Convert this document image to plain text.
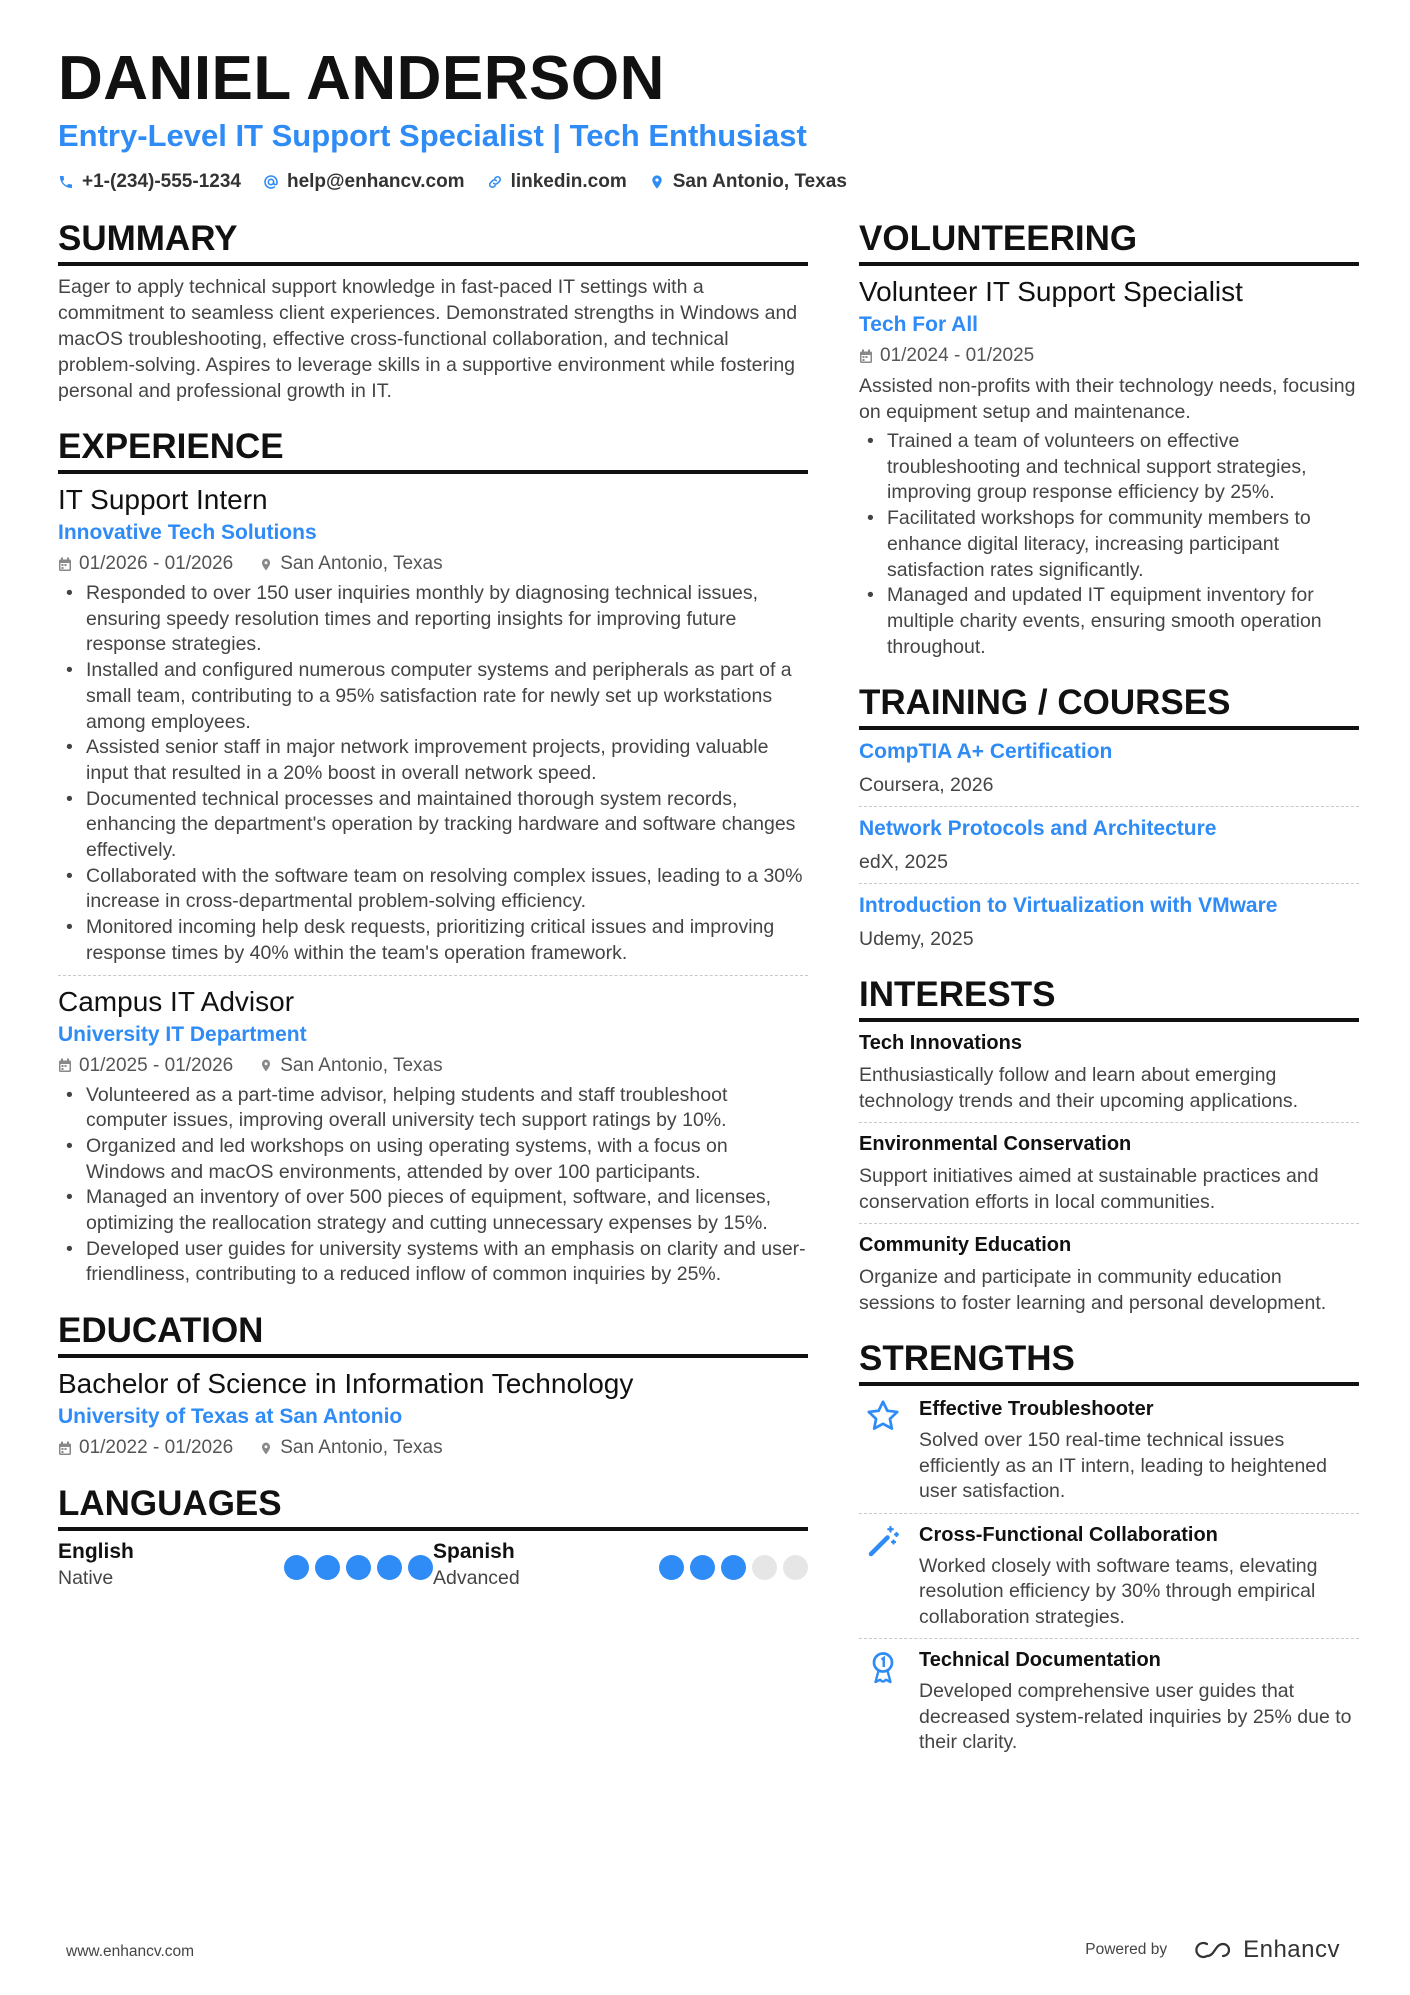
DANIEL ANDERSON
Entry-Level IT Support Specialist | Tech Enthusiast
+1-(234)-555-1234 help@enhancv.com linkedin.com San Antonio, Texas
SUMMARY
Eager to apply technical support knowledge in fast-paced IT settings with a commitment to seamless client experiences. Demonstrated strengths in Windows and macOS troubleshooting, effective cross-functional collaboration, and technical problem-solving. Aspires to leverage skills in a supportive environment while fostering personal and professional growth in IT.
EXPERIENCE
IT Support Intern
Innovative Tech Solutions
01/2026 - 01/2026 San Antonio, Texas
• Responded to over 150 user inquiries monthly by diagnosing technical issues, ensuring speedy resolution times and reporting insights for improving future response strategies.
• Installed and configured numerous computer systems and peripherals as part of a small team, contributing to a 95% satisfaction rate for newly set up workstations among employees.
• Assisted senior staff in major network improvement projects, providing valuable input that resulted in a 20% boost in overall network speed.
• Documented technical processes and maintained thorough system records, enhancing the department's operation by tracking hardware and software changes effectively.
• Collaborated with the software team on resolving complex issues, leading to a 30% increase in cross-departmental problem-solving efficiency.
• Monitored incoming help desk requests, prioritizing critical issues and improving response times by 40% within the team's operation framework.
Campus IT Advisor
University IT Department
01/2025 - 01/2026 San Antonio, Texas
• Volunteered as a part-time advisor, helping students and staff troubleshoot computer issues, improving overall university tech support ratings by 10%.
• Organized and led workshops on using operating systems, with a focus on Windows and macOS environments, attended by over 100 participants.
• Managed an inventory of over 500 pieces of equipment, software, and licenses, optimizing the reallocation strategy and cutting unnecessary expenses by 15%.
• Developed user guides for university systems with an emphasis on clarity and user-friendliness, contributing to a reduced inflow of common inquiries by 25%.
EDUCATION
Bachelor of Science in Information Technology
University of Texas at San Antonio
01/2022 - 01/2026 San Antonio, Texas
LANGUAGES
English
Native
Spanish
Advanced
VOLUNTEERING
Volunteer IT Support Specialist
Tech For All
01/2024 - 01/2025
Assisted non-profits with their technology needs, focusing on equipment setup and maintenance.
• Trained a team of volunteers on effective troubleshooting and technical support strategies, improving group response efficiency by 25%.
• Facilitated workshops for community members to enhance digital literacy, increasing participant satisfaction rates significantly.
• Managed and updated IT equipment inventory for multiple charity events, ensuring smooth operation throughout.
TRAINING / COURSES
CompTIA A+ Certification
Coursera, 2026
Network Protocols and Architecture
edX, 2025
Introduction to Virtualization with VMware
Udemy, 2025
INTERESTS
Tech Innovations
Enthusiastically follow and learn about emerging technology trends and their upcoming applications.
Environmental Conservation
Support initiatives aimed at sustainable practices and conservation efforts in local communities.
Community Education
Organize and participate in community education sessions to foster learning and personal development.
STRENGTHS
Effective Troubleshooter
Solved over 150 real-time technical issues efficiently as an IT intern, leading to heightened user satisfaction.
Cross-Functional Collaboration
Worked closely with software teams, elevating resolution efficiency by 30% through empirical collaboration strategies.
Technical Documentation
Developed comprehensive user guides that decreased system-related inquiries by 25% due to their clarity.
www.enhancv.com	Powered by	Enhancv
